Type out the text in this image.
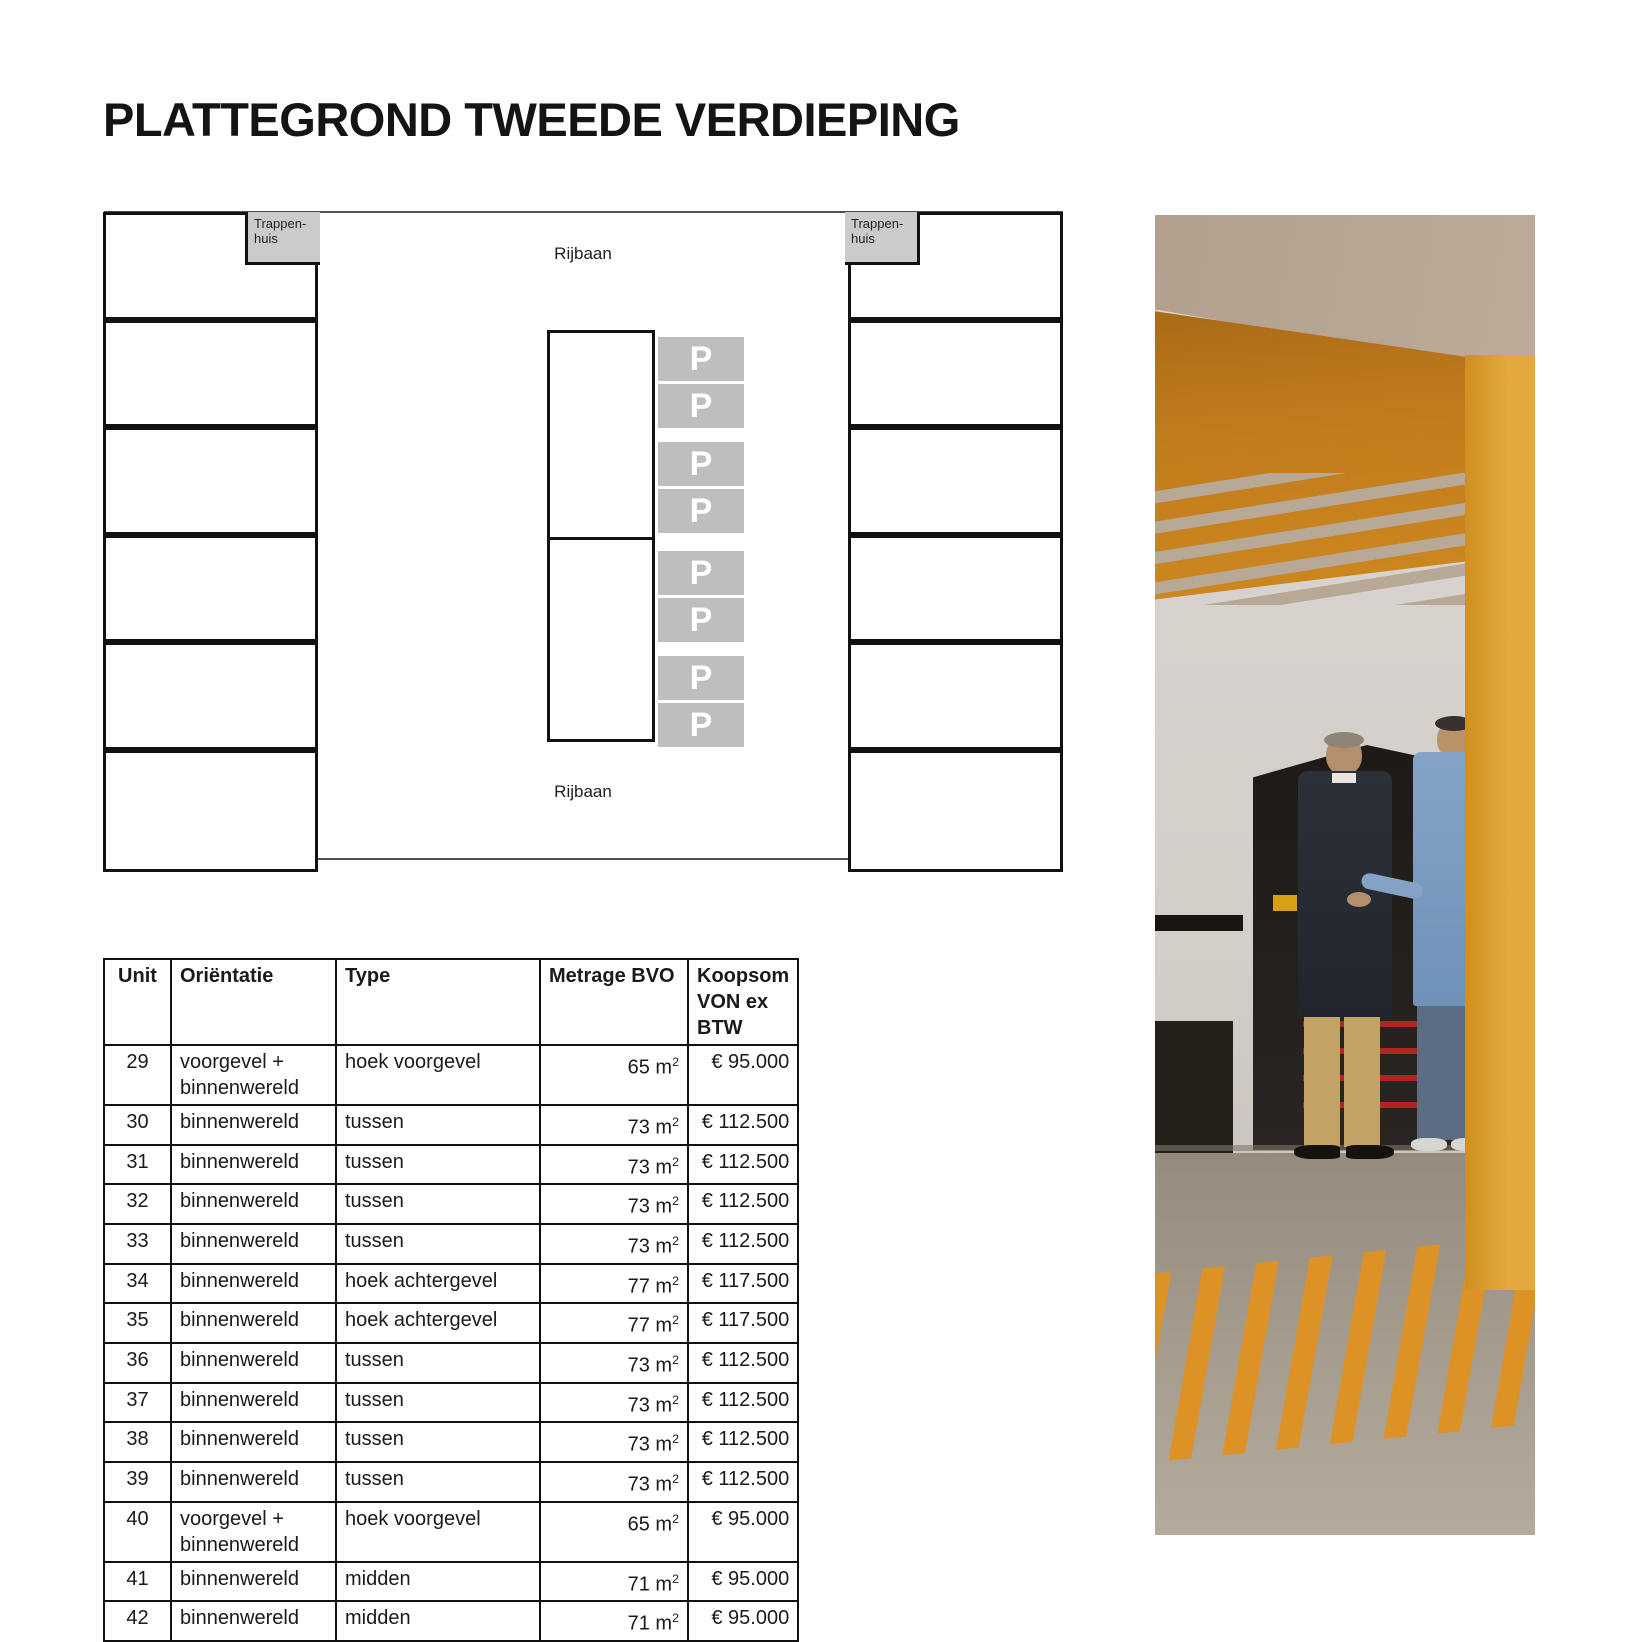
PLATTEGROND TWEEDE VERDIEPING
Rijbaan
Rijbaan
P
P
P
P
P
P
P
P
Trappen-
huis
Trappen-
huis
Unit	Oriëntatie	Type	Metrage BVO	Koopsom VON ex BTW
29	voorgevel + binnenwereld	hoek voorgevel	65 $m^2$	€ 95.000
30	binnenwereld	tussen	73 $m^2$	€ 112.500
31	binnenwereld	tussen	73 $m^2$	€ 112.500
32	binnenwereld	tussen	73 $m^2$	€ 112.500
33	binnenwereld	tussen	73 $m^2$	€ 112.500
34	binnenwereld	hoek achtergevel	77 $m^2$	€ 117.500
35	binnenwereld	hoek achtergevel	77 $m^2$	€ 117.500
36	binnenwereld	tussen	73 $m^2$	€ 112.500
37	binnenwereld	tussen	73 $m^2$	€ 112.500
38	binnenwereld	tussen	73 $m^2$	€ 112.500
39	binnenwereld	tussen	73 $m^2$	€ 112.500
40	voorgevel + binnenwereld	hoek voorgevel	65 $m^2$	€ 95.000
41	binnenwereld	midden	71 $m^2$	€ 95.000
42	binnenwereld	midden	71 $m^2$	€ 95.000
